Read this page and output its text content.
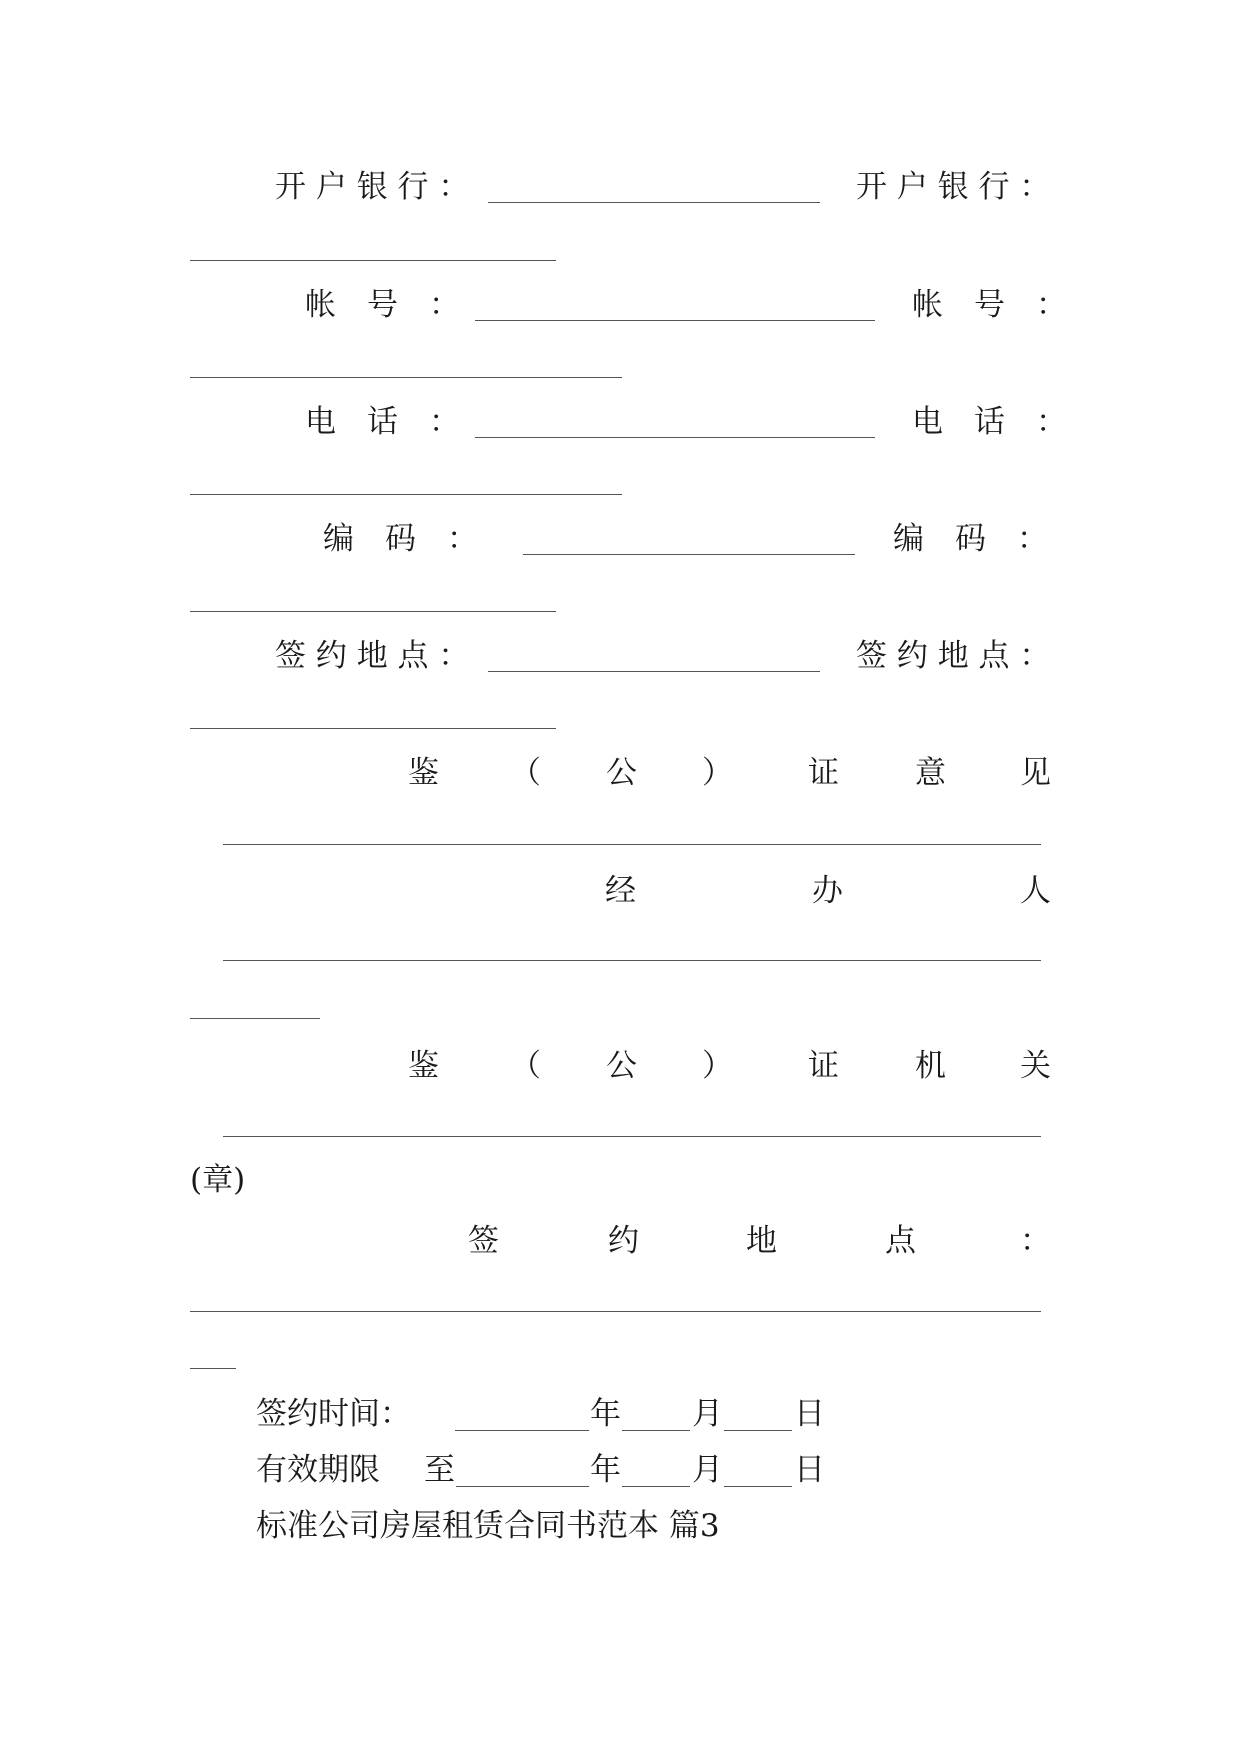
开 户 银 行 ：	开 户 银 行 ：
帐　号　：	帐　号　：
电　话　：	电　话　：
编　码　：	编　码　：
签 约 地 点 ：	签 约 地 点 ：
鉴 （ 公 ） 证 意 见
经	办	人
鉴 （ 公 ） 证 机 关
(章)
签	约	地	点	：
签约时间：	年 月 日
有效期限 至	年 月 日
标准公司房屋租赁合同书范本 篇3
